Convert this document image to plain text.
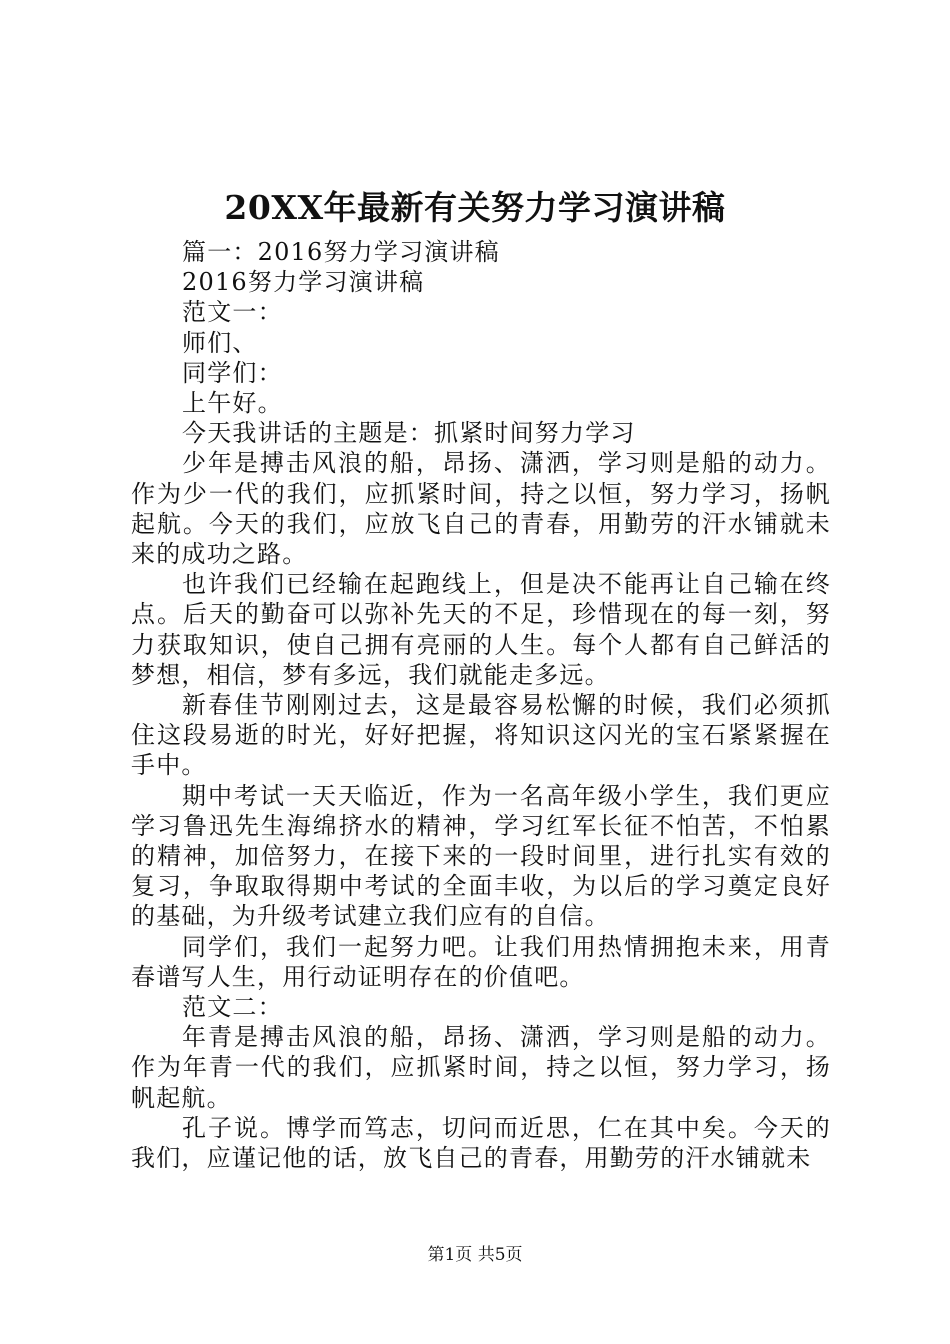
20XX年最新有关努力学习演讲稿

篇一：2016努力学习演讲稿

2016努力学习演讲稿

范文一：

师们、

同学们：

上午好。

今天我讲话的主题是：抓紧时间努力学习

少年是搏击风浪的船，昂扬、潇洒，学习则是船的动力。作为少一代的我们，应抓紧时间，持之以恒，努力学习，扬帆起航。今天的我们，应放飞自己的青春，用勤劳的汗水铺就未来的成功之路。

也许我们已经输在起跑线上，但是决不能再让自己输在终点。后天的勤奋可以弥补先天的不足，珍惜现在的每一刻，努力获取知识，使自己拥有亮丽的人生。每个人都有自己鲜活的梦想，相信，梦有多远，我们就能走多远。

新春佳节刚刚过去，这是最容易松懈的时候，我们必须抓住这段易逝的时光，好好把握，将知识这闪光的宝石紧紧握在手中。

期中考试一天天临近，作为一名高年级小学生，我们更应学习鲁迅先生海绵挤水的精神，学习红军长征不怕苦，不怕累的精神，加倍努力，在接下来的一段时间里，进行扎实有效的复习，争取取得期中考试的全面丰收，为以后的学习奠定良好的基础，为升级考试建立我们应有的自信。

同学们，我们一起努力吧。让我们用热情拥抱未来，用青春谱写人生，用行动证明存在的价值吧。

范文二：

年青是搏击风浪的船，昂扬、潇洒，学习则是船的动力。作为年青一代的我们，应抓紧时间，持之以恒，努力学习，扬帆起航。

孔子说。博学而笃志，切问而近思，仁在其中矣。今天的我们，应谨记他的话，放飞自己的青春，用勤劳的汗水铺就未

第1页 共5页
